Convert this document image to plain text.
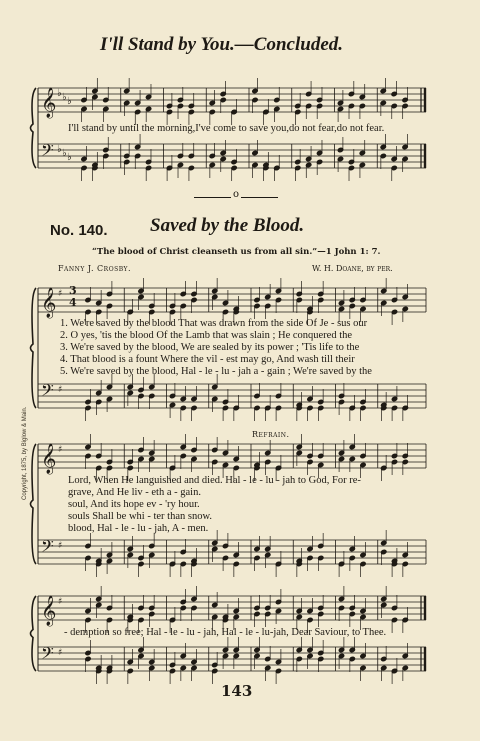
I'll Stand by You.—Concluded.
I'll stand by until the morning,I've come to save you,do not fear,do not fear.
o
No. 140. Saved by the Blood.
“The blood of Christ cleanseth us from all sin.”—1 John 1: 7.
Fanny J. Crosby.	W. H. Doane, by per.
3
4
1. We're saved by the blood That was drawn from the side Of Je - sus our
2. O yes, 'tis the blood Of the Lamb that was slain ; He conquered the
3. We're saved by the blood, We are sealed by its power ; 'Tis life to the
4. That blood is a fount Where the vil - est may go, And wash till their
5. We're saved by the blood, Hal - le - lu - jah a - gain ; We're saved by the
Refrain.
Lord, When He languished and died. Hal - le - lu - jah to God, For re-
grave, And He liv - eth a - gain.
soul, And its hope ev - 'ry hour.
souls Shall be whi - ter than snow.
blood, Hal - le - lu - jah, A - men.
- demption so free; Hal - le - lu - jah, Hal - le - lu-jah, Dear Saviour, to Thee.
143
Copyright, 1875, by Biglow & Main.
𝄞 ♭ ♭ ♭
𝄢 ♭ ♭ ♭
𝄞 ♯
𝄢 ♯
𝄞 ♯
𝄢 ♯
𝄞 ♯
𝄢 ♯
